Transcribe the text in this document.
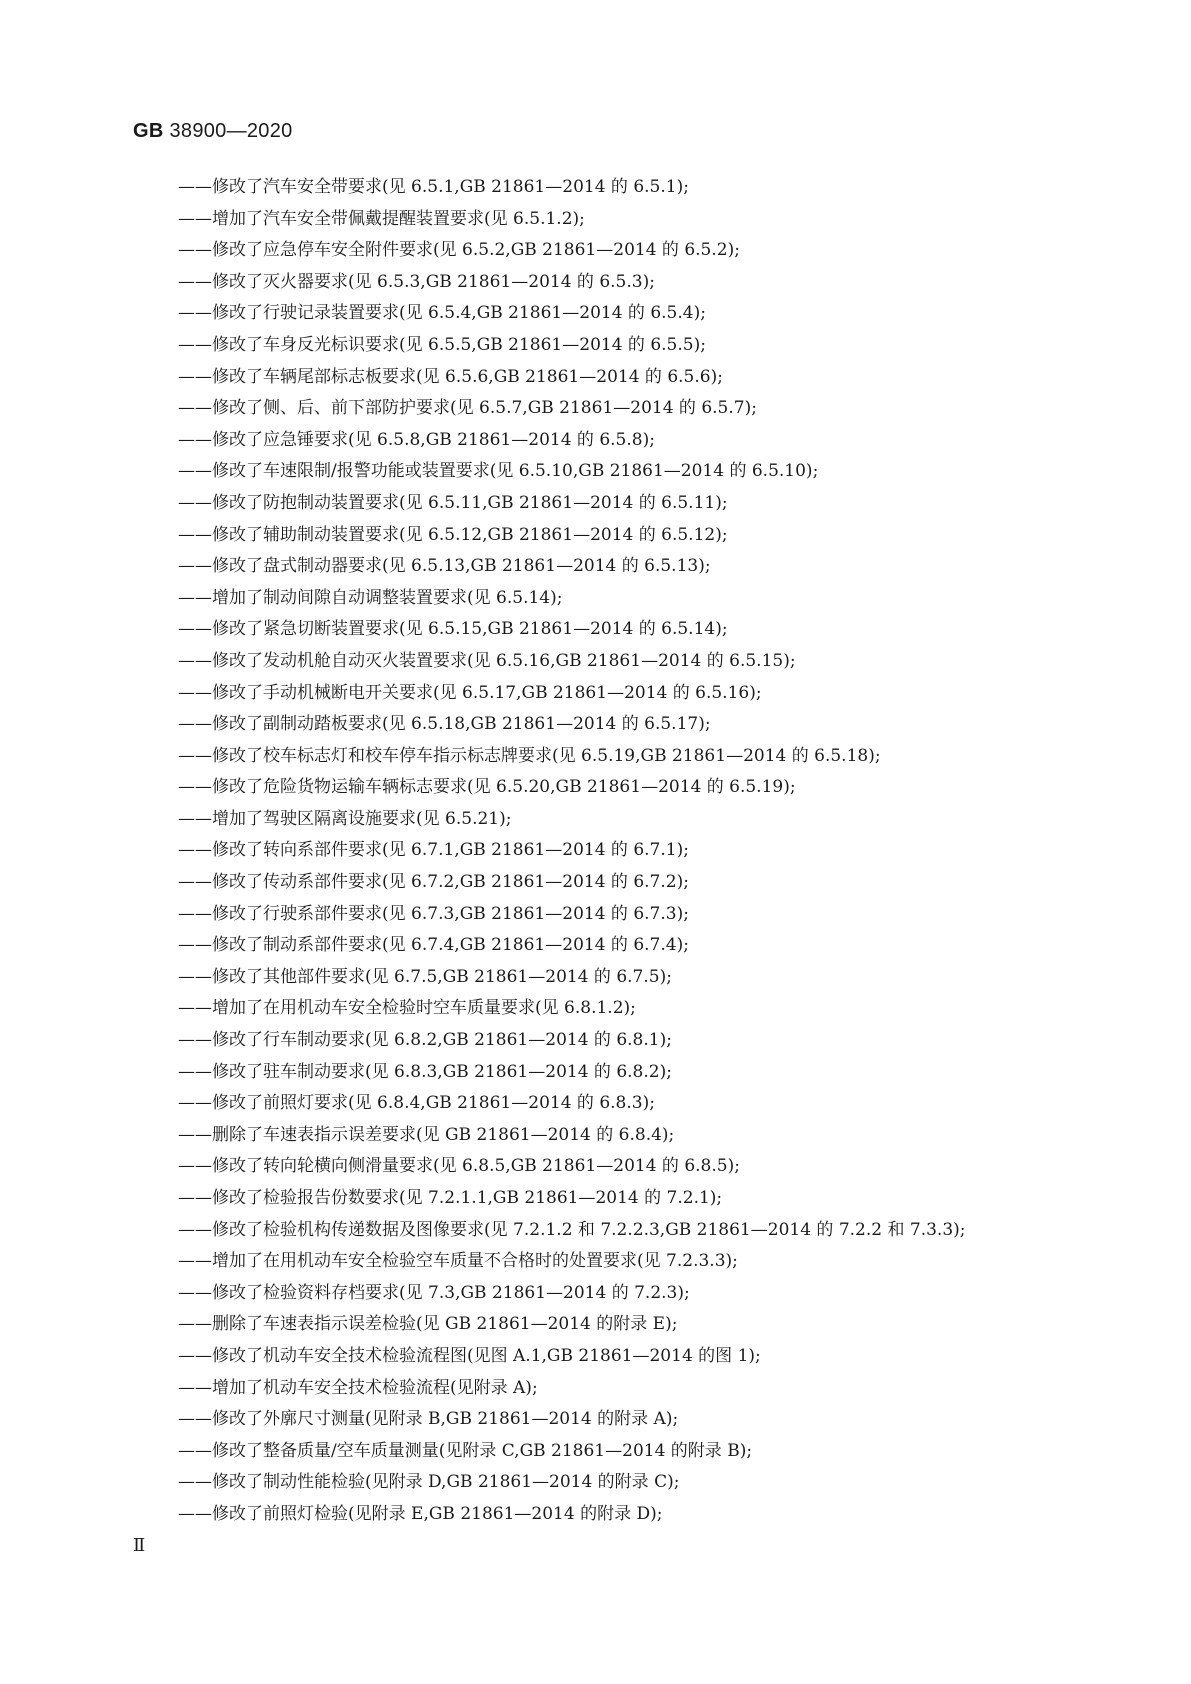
GB 38900—2020
——修改了汽车安全带要求(见 6.5.1,GB 21861—2014 的 6.5.1);
——增加了汽车安全带佩戴提醒装置要求(见 6.5.1.2);
——修改了应急停车安全附件要求(见 6.5.2,GB 21861—2014 的 6.5.2);
——修改了灭火器要求(见 6.5.3,GB 21861—2014 的 6.5.3);
——修改了行驶记录装置要求(见 6.5.4,GB 21861—2014 的 6.5.4);
——修改了车身反光标识要求(见 6.5.5,GB 21861—2014 的 6.5.5);
——修改了车辆尾部标志板要求(见 6.5.6,GB 21861—2014 的 6.5.6);
——修改了侧、后、前下部防护要求(见 6.5.7,GB 21861—2014 的 6.5.7);
——修改了应急锤要求(见 6.5.8,GB 21861—2014 的 6.5.8);
——修改了车速限制/报警功能或装置要求(见 6.5.10,GB 21861—2014 的 6.5.10);
——修改了防抱制动装置要求(见 6.5.11,GB 21861—2014 的 6.5.11);
——修改了辅助制动装置要求(见 6.5.12,GB 21861—2014 的 6.5.12);
——修改了盘式制动器要求(见 6.5.13,GB 21861—2014 的 6.5.13);
——增加了制动间隙自动调整装置要求(见 6.5.14);
——修改了紧急切断装置要求(见 6.5.15,GB 21861—2014 的 6.5.14);
——修改了发动机舱自动灭火装置要求(见 6.5.16,GB 21861—2014 的 6.5.15);
——修改了手动机械断电开关要求(见 6.5.17,GB 21861—2014 的 6.5.16);
——修改了副制动踏板要求(见 6.5.18,GB 21861—2014 的 6.5.17);
——修改了校车标志灯和校车停车指示标志牌要求(见 6.5.19,GB 21861—2014 的 6.5.18);
——修改了危险货物运输车辆标志要求(见 6.5.20,GB 21861—2014 的 6.5.19);
——增加了驾驶区隔离设施要求(见 6.5.21);
——修改了转向系部件要求(见 6.7.1,GB 21861—2014 的 6.7.1);
——修改了传动系部件要求(见 6.7.2,GB 21861—2014 的 6.7.2);
——修改了行驶系部件要求(见 6.7.3,GB 21861—2014 的 6.7.3);
——修改了制动系部件要求(见 6.7.4,GB 21861—2014 的 6.7.4);
——修改了其他部件要求(见 6.7.5,GB 21861—2014 的 6.7.5);
——增加了在用机动车安全检验时空车质量要求(见 6.8.1.2);
——修改了行车制动要求(见 6.8.2,GB 21861—2014 的 6.8.1);
——修改了驻车制动要求(见 6.8.3,GB 21861—2014 的 6.8.2);
——修改了前照灯要求(见 6.8.4,GB 21861—2014 的 6.8.3);
——删除了车速表指示误差要求(见 GB 21861—2014 的 6.8.4);
——修改了转向轮横向侧滑量要求(见 6.8.5,GB 21861—2014 的 6.8.5);
——修改了检验报告份数要求(见 7.2.1.1,GB 21861—2014 的 7.2.1);
——修改了检验机构传递数据及图像要求(见 7.2.1.2 和 7.2.2.3,GB 21861—2014 的 7.2.2 和 7.3.3);
——增加了在用机动车安全检验空车质量不合格时的处置要求(见 7.2.3.3);
——修改了检验资料存档要求(见 7.3,GB 21861—2014 的 7.2.3);
——删除了车速表指示误差检验(见 GB 21861—2014 的附录 E);
——修改了机动车安全技术检验流程图(见图 A.1,GB 21861—2014 的图 1);
——增加了机动车安全技术检验流程(见附录 A);
——修改了外廓尺寸测量(见附录 B,GB 21861—2014 的附录 A);
——修改了整备质量/空车质量测量(见附录 C,GB 21861—2014 的附录 B);
——修改了制动性能检验(见附录 D,GB 21861—2014 的附录 C);
——修改了前照灯检验(见附录 E,GB 21861—2014 的附录 D);
Ⅱ
